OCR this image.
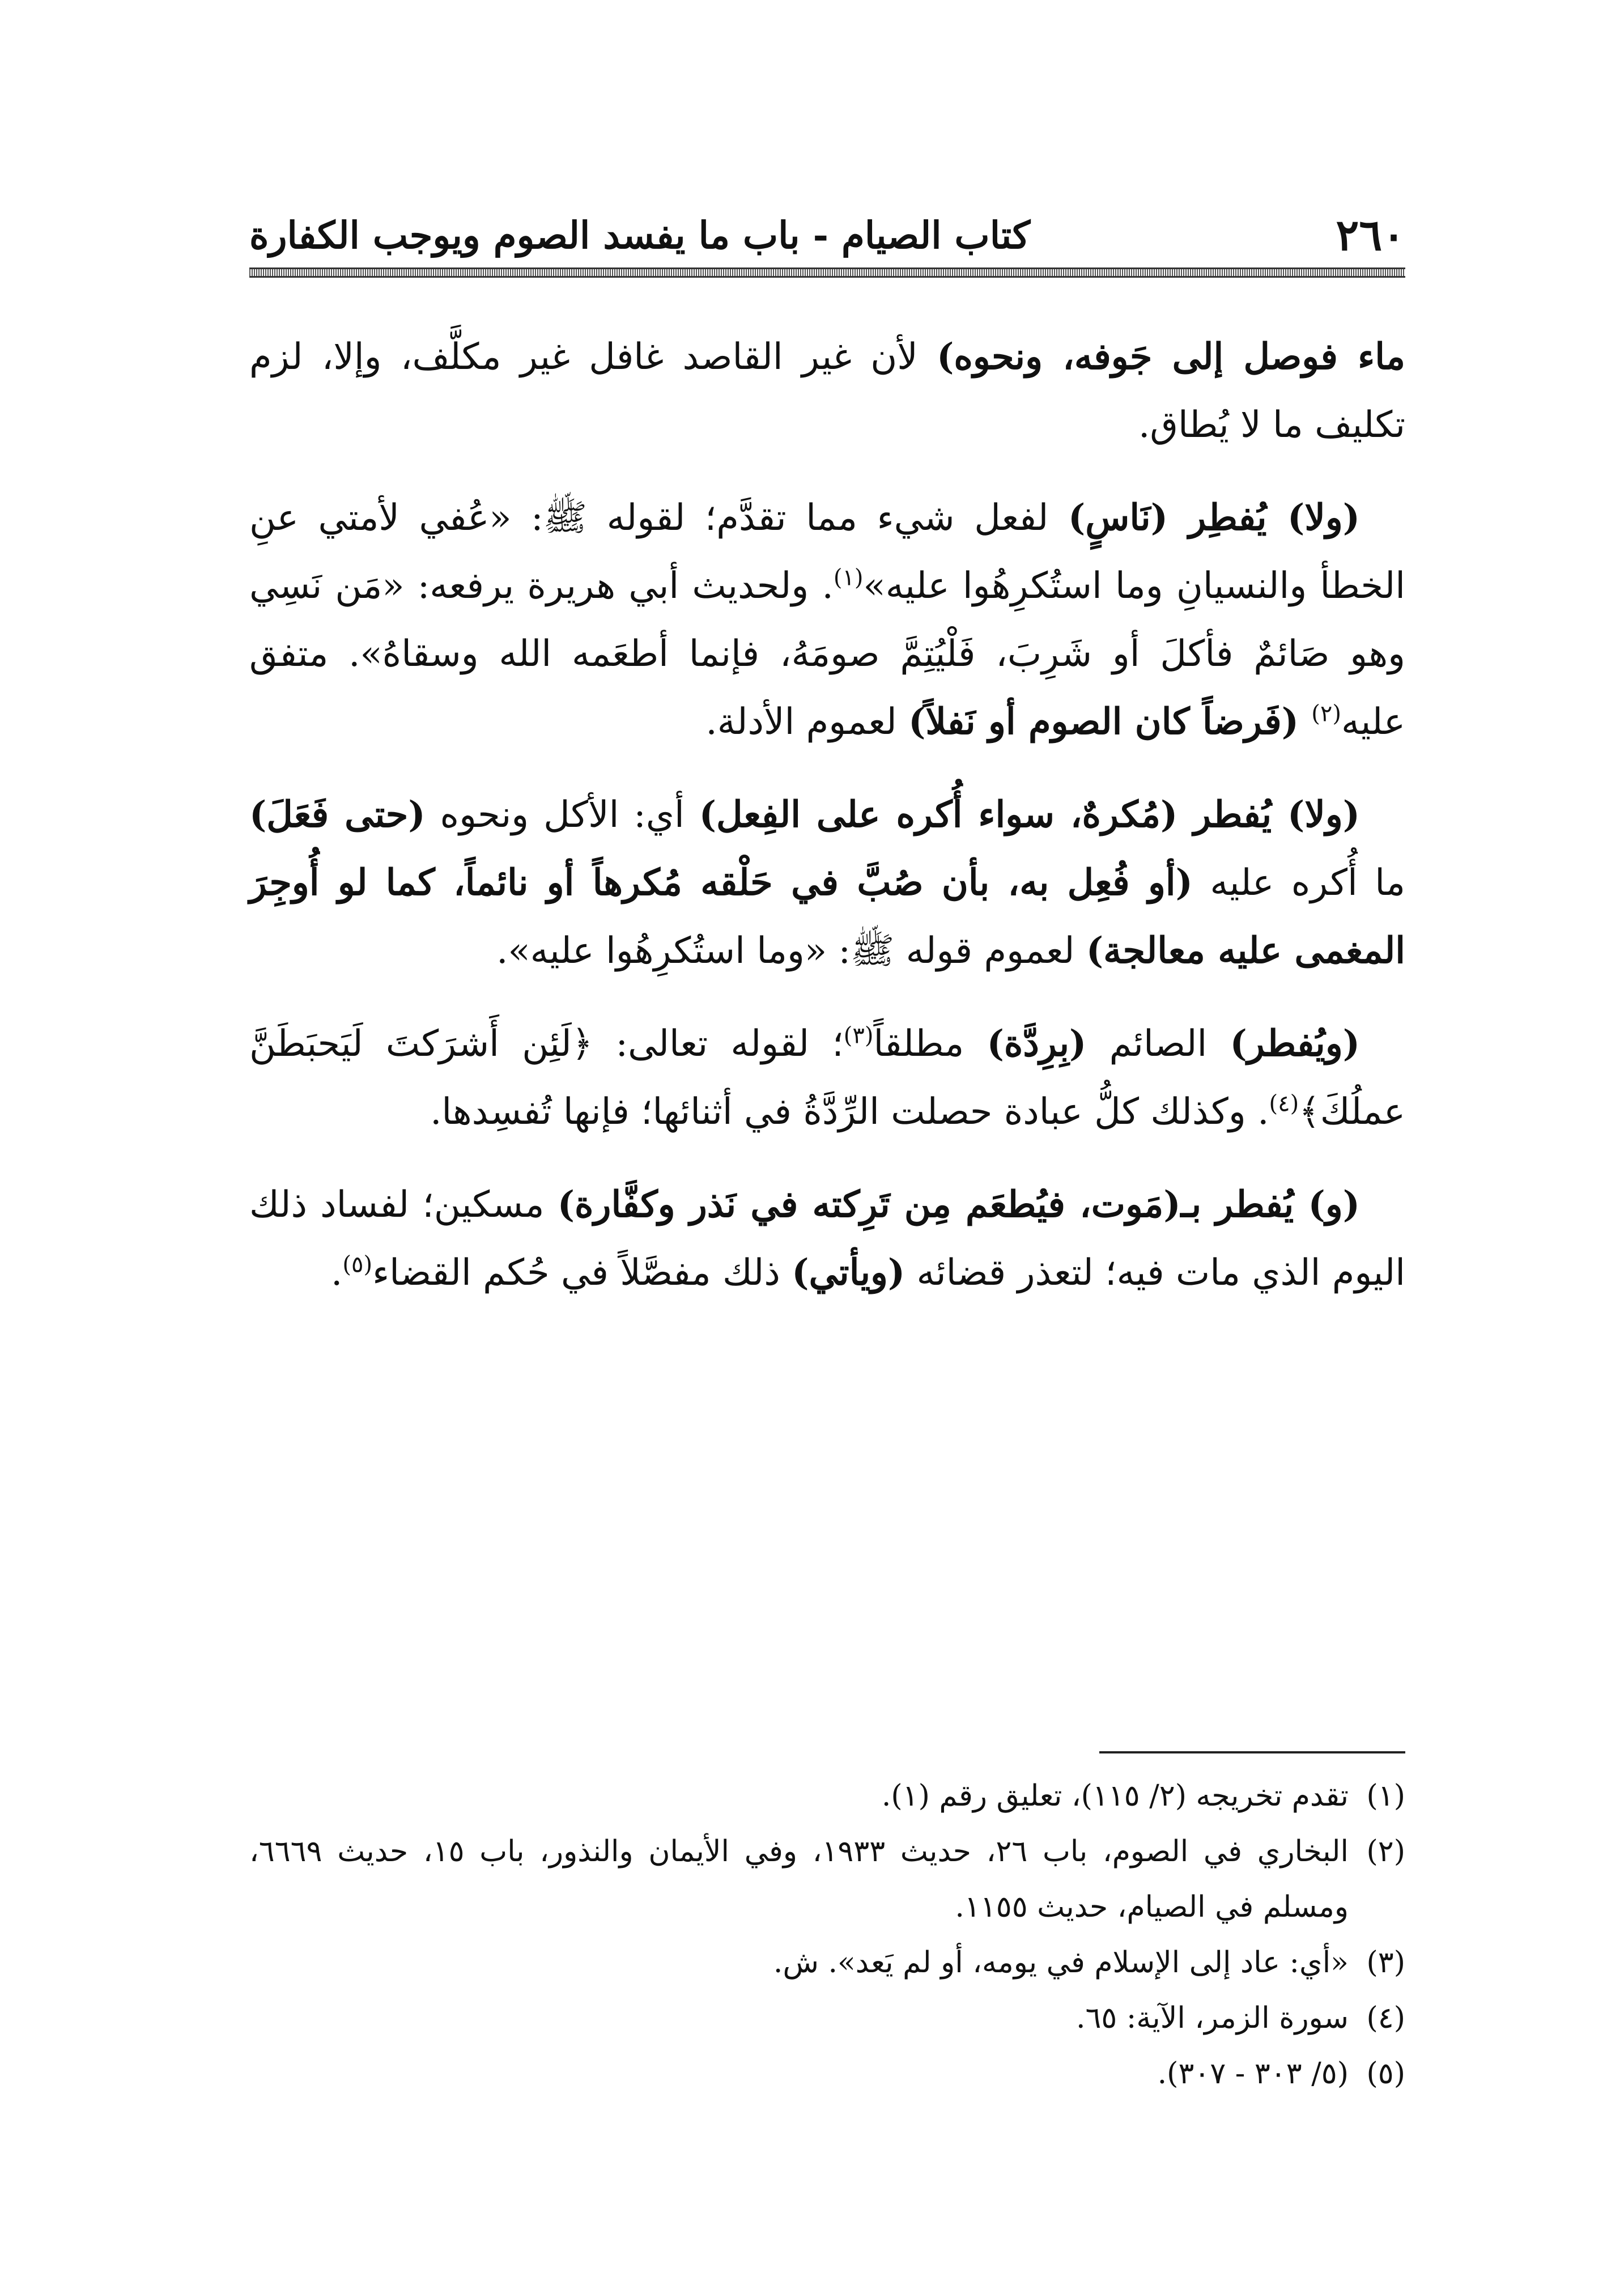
٢٦٠
كتاب الصيام - باب ما يفسد الصوم ويوجب الكفارة

ماء فوصل إلى جَوفه، ونحوه) لأن غير القاصد غافل غير مكلَّف، وإلا، لزم تكليف ما لا يُطاق.

(ولا) يُفطِر (نَاسٍ) لفعل شيء مما تقدَّم؛ لقوله ﷺ: «عُفي لأمتي عنِ الخطأ والنسيانِ وما استُكرِهُوا عليه»$^{(١)}$. ولحديث أبي هريرة يرفعه: «مَن نَسِي وهو صَائمٌ فأكلَ أو شَرِبَ، فَلْيُتِمَّ صومَهُ، فإنما أطعَمه الله وسقاهُ». متفق عليه$^{(٢)}$ (فَرضاً كان الصوم أو نَفلاً) لعموم الأدلة.

(ولا) يُفطر (مُكرهٌ، سواء أُكره على الفِعل) أي: الأكل ونحوه (حتى فَعَلَ) ما أُكره عليه (أو فُعِل به، بأن صُبَّ في حَلْقه مُكرهاً أو نائماً، كما لو أُوجِرَ المغمى عليه معالجة) لعموم قوله ﷺ: «وما استُكرِهُوا عليه».

(ويُفطر) الصائم (بِرِدَّة) مطلقاً$^{(٣)}$؛ لقوله تعالى: ﴿لَئِن أَشرَكتَ لَيَحبَطَنَّ عملُكَ﴾$^{(٤)}$. وكذلك كلُّ عبادة حصلت الرِّدَّةُ في أثنائها؛ فإنها تُفسِدها.

(و) يُفطر بـ(مَوت، فيُطعَم مِن تَرِكته في نَذر وكفَّارة) مسكين؛ لفساد ذلك اليوم الذي مات فيه؛ لتعذر قضائه (ويأتي) ذلك مفصَّلاً في حُكم القضاء$^{(٥)}$.

(١)
تقدم تخريجه (٢/ ١١٥)، تعليق رقم (١).
(٢)
البخاري في الصوم، باب ٢٦، حديث ١٩٣٣، وفي الأيمان والنذور، باب ١٥، حديث ٦٦٦٩، ومسلم في الصيام، حديث ١١٥٥.
(٣)
«أي: عاد إلى الإسلام في يومه، أو لم يَعد». ش.
(٤)
سورة الزمر، الآية: ٦٥.
(٥)
(٥/ ٣٠٣ - ٣٠٧).
